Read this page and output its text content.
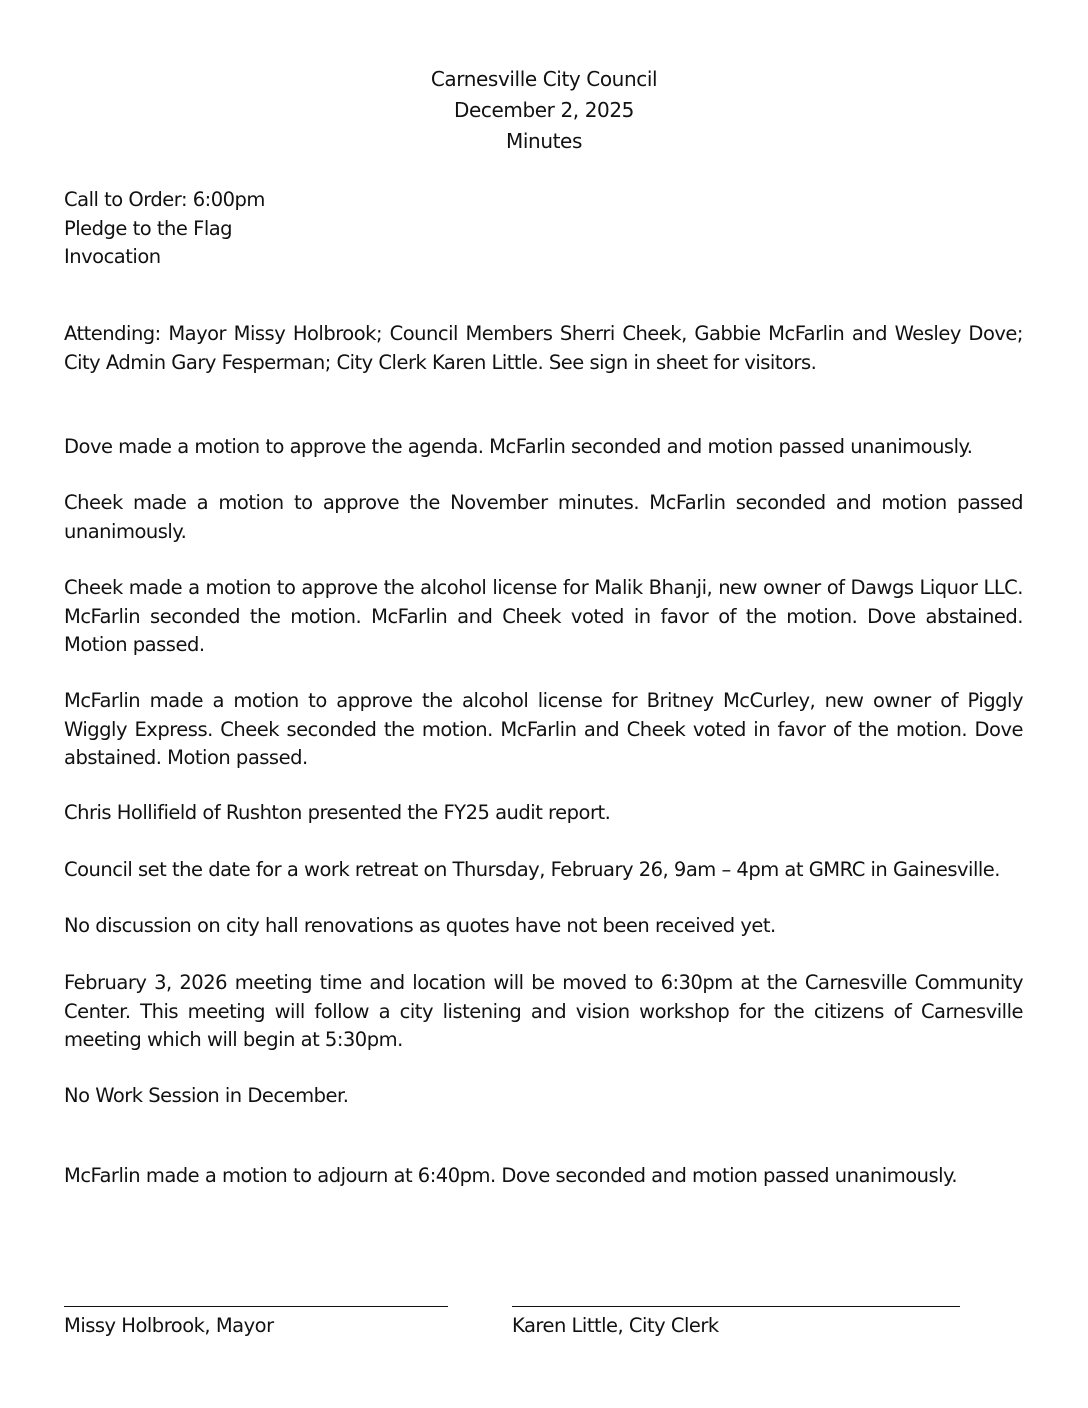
Carnesville City Council
December 2, 2025
Minutes

Call to Order: 6:00pm

Pledge to the Flag

Invocation

Attending: Mayor Missy Holbrook; Council Members Sherri Cheek, Gabbie McFarlin and Wesley Dove; City Admin Gary Fesperman; City Clerk Karen Little. See sign in sheet for visitors.

Dove made a motion to approve the agenda. McFarlin seconded and motion passed unanimously.

Cheek made a motion to approve the November minutes. McFarlin seconded and motion passed unanimously.

Cheek made a motion to approve the alcohol license for Malik Bhanji, new owner of Dawgs Liquor LLC. McFarlin seconded the motion. McFarlin and Cheek voted in favor of the motion. Dove abstained. Motion passed.

McFarlin made a motion to approve the alcohol license for Britney McCurley, new owner of Piggly Wiggly Express. Cheek seconded the motion. McFarlin and Cheek voted in favor of the motion. Dove abstained. Motion passed.

Chris Hollifield of Rushton presented the FY25 audit report.

Council set the date for a work retreat on Thursday, February 26, 9am – 4pm at GMRC in Gainesville.

No discussion on city hall renovations as quotes have not been received yet.

February 3, 2026 meeting time and location will be moved to 6:30pm at the Carnesville Community Center. This meeting will follow a city listening and vision workshop for the citizens of Carnesville meeting which will begin at 5:30pm.

No Work Session in December.

McFarlin made a motion to adjourn at 6:40pm. Dove seconded and motion passed unanimously.

Missy Holbrook, Mayor	Karen Little, City Clerk
